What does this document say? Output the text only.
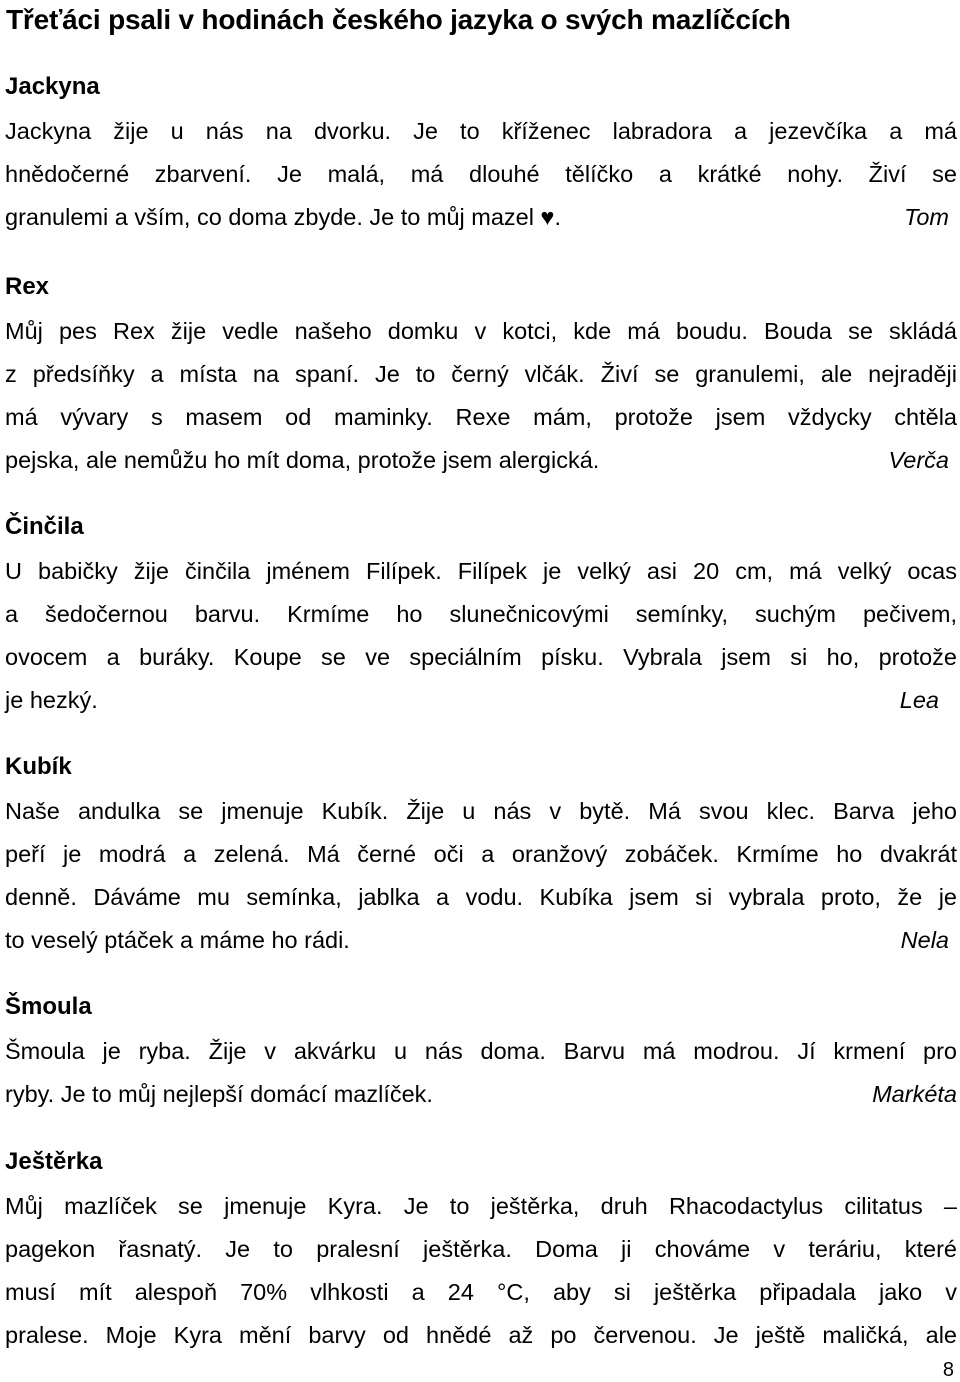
Třeťáci psali v hodinách českého jazyka o svých mazlíčcích
Jackyna
Jackyna žije u nás na dvorku. Je to kříženec labradora a jezevčíka a má
hnědočerné zbarvení. Je malá, má dlouhé tělíčko a krátké nohy. Živí se
granulemi a vším, co doma zbyde. Je to můj mazel ♥.	Tom
Rex
Můj pes Rex žije vedle našeho domku v kotci, kde má boudu. Bouda se skládá
z předsíňky a místa na spaní. Je to černý vlčák. Živí se granulemi, ale nejraději
má vývary s masem od maminky. Rexe mám, protože jsem vždycky chtěla
pejska, ale nemůžu ho mít doma, protože jsem alergická.	Verča
Činčila
U babičky žije činčila jménem Filípek. Filípek je velký asi 20 cm, má velký ocas
a šedočernou barvu. Krmíme ho slunečnicovými semínky, suchým pečivem,
ovocem a buráky. Koupe se ve speciálním písku. Vybrala jsem si ho, protože
je hezký.	Lea
Kubík
Naše andulka se jmenuje Kubík. Žije u nás v bytě. Má svou klec. Barva jeho
peří je modrá a zelená. Má černé oči a oranžový zobáček. Krmíme ho dvakrát
denně. Dáváme mu semínka, jablka a vodu. Kubíka jsem si vybrala proto, že je
to veselý ptáček a máme ho rádi.	Nela
Šmoula
Šmoula je ryba. Žije v akvárku u nás doma. Barvu má modrou. Jí krmení pro
ryby. Je to můj nejlepší domácí mazlíček.	Markéta
Ještěrka
Můj mazlíček se jmenuje Kyra. Je to ještěrka, druh Rhacodactylus cilitatus –
pagekon řasnatý. Je to pralesní ještěrka. Doma ji chováme v teráriu, které
musí mít alespoň 70% vlhkosti a 24 °C, aby si ještěrka připadala jako v
pralese. Moje Kyra mění barvy od hnědé až po červenou. Je ještě maličká, ale
8
